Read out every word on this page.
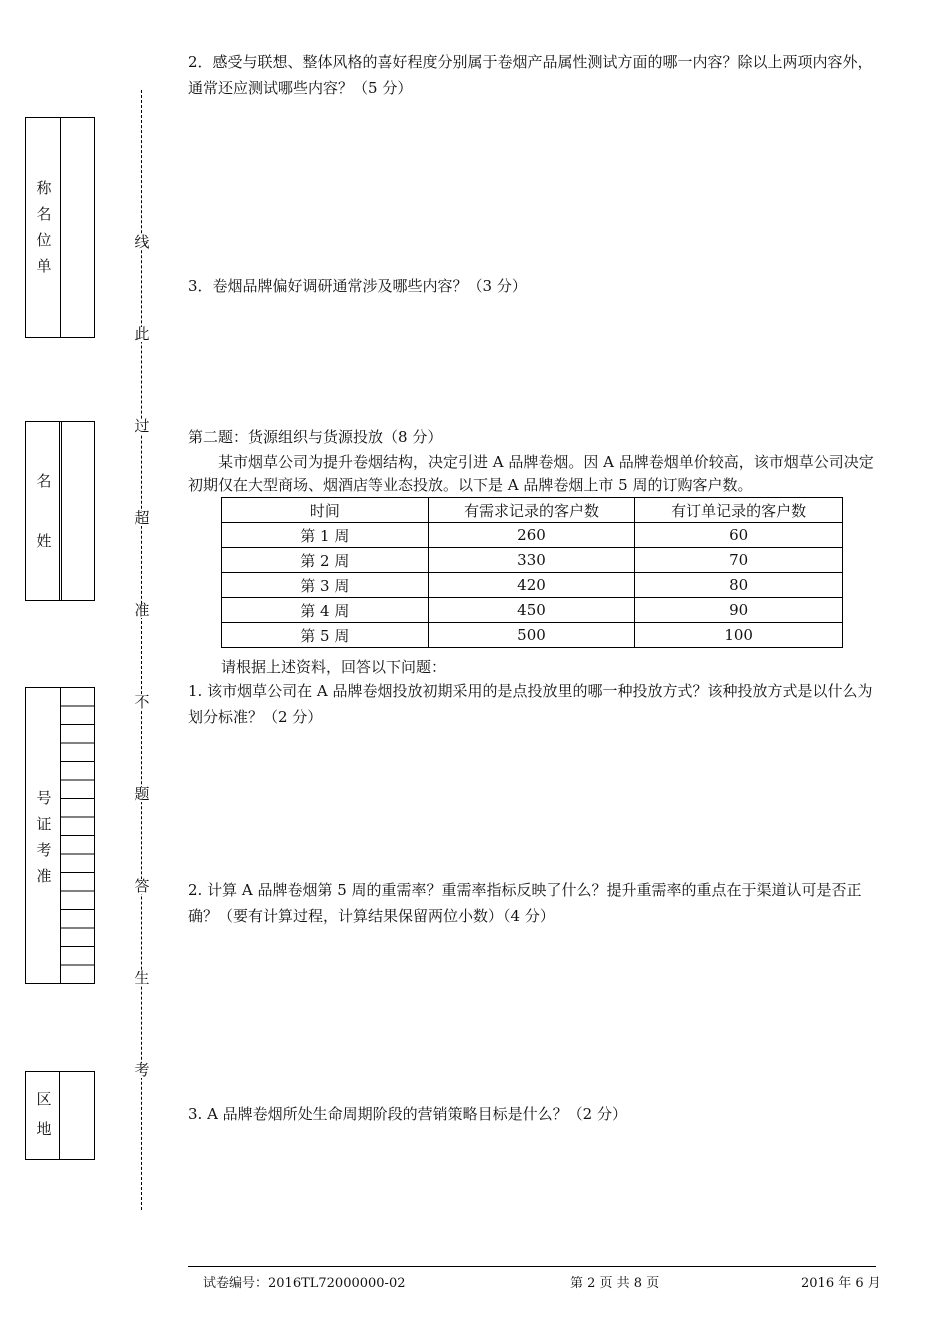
称
名
位
单
名
姓
号
证
考
准
区
地
线
此
过
超
准
不
题
答
生
考
2．感受与联想、整体风格的喜好程度分别属于卷烟产品属性测试方面的哪一内容？除以上两项内容外，通常还应测试哪些内容？（5 分）
3．卷烟品牌偏好调研通常涉及哪些内容？（3 分）
第二题：货源组织与货源投放（8 分）
某市烟草公司为提升卷烟结构，决定引进 A 品牌卷烟。因 A 品牌卷烟单价较高，该市烟草公司决定初期仅在大型商场、烟酒店等业态投放。以下是 A 品牌卷烟上市 5 周的订购客户数。
时间	有需求记录的客户数	有订单记录的客户数
第 1 周	260	60
第 2 周	330	70
第 3 周	420	80
第 4 周	450	90
第 5 周	500	100
请根据上述资料，回答以下问题：
1. 该市烟草公司在 A 品牌卷烟投放初期采用的是点投放里的哪一种投放方式？该种投放方式是以什么为划分标准？（2 分）
2. 计算 A 品牌卷烟第 5 周的重需率？重需率指标反映了什么？提升重需率的重点在于渠道认可是否正确？（要有计算过程，计算结果保留两位小数）（4 分）
3. A 品牌卷烟所处生命周期阶段的营销策略目标是什么？（2 分）
试卷编号：2016TL72000000-02	第 2 页 共 8 页	2016 年 6 月
